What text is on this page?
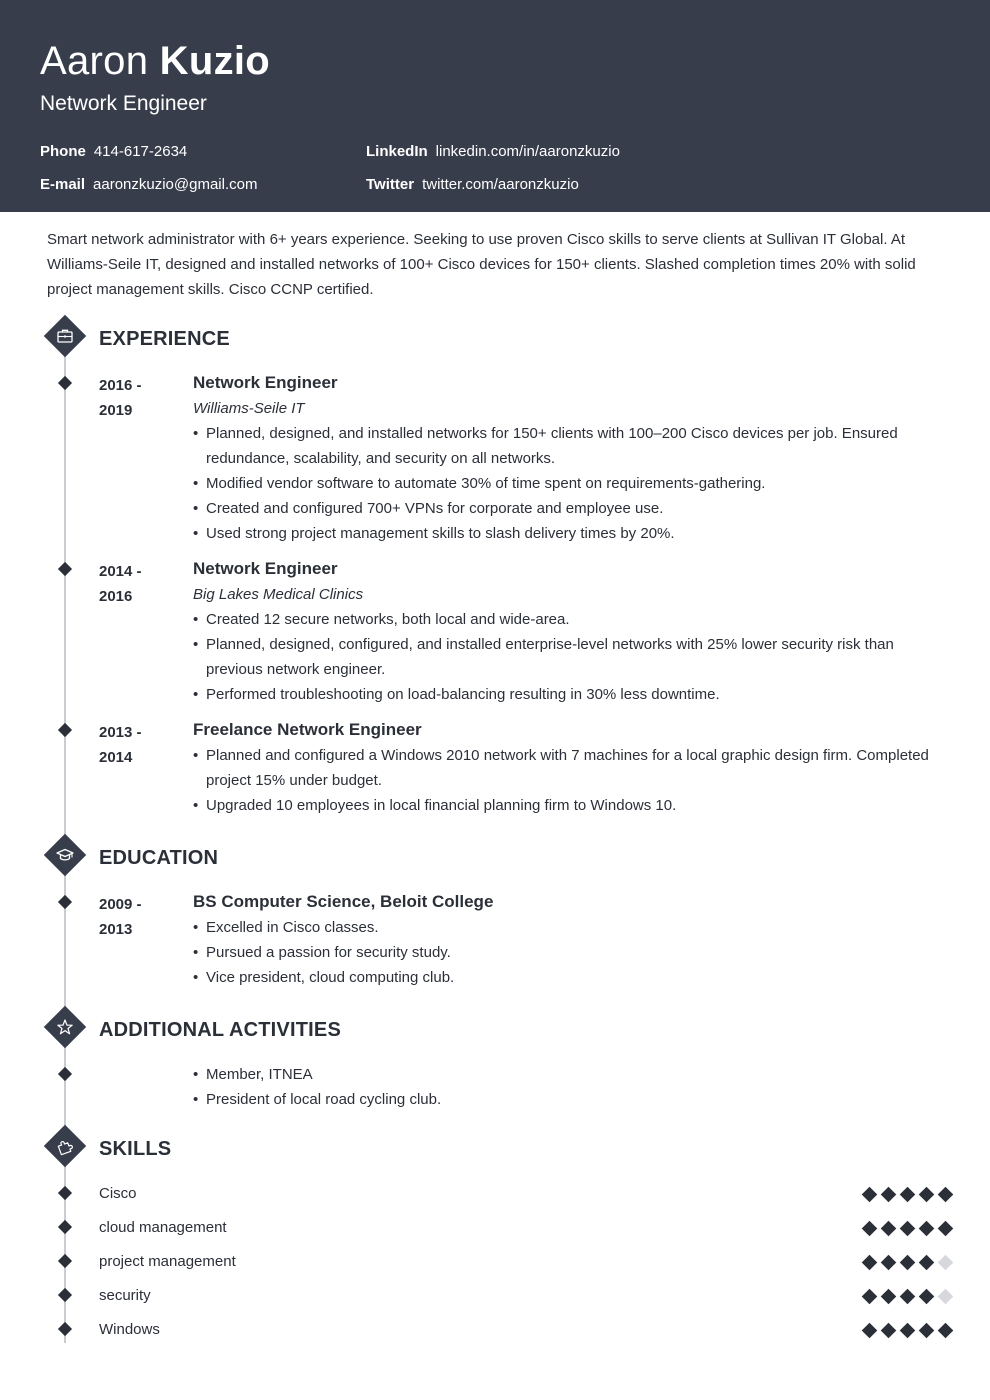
Aaron Kuzio
Network Engineer
Phone 414-617-2634
E-mail aaronzkuzio@gmail.com
LinkedIn linkedin.com/in/aaronzkuzio
Twitter twitter.com/aaronzkuzio
Smart network administrator with 6+ years experience. Seeking to use proven Cisco skills to serve clients at Sullivan IT Global. At Williams-Seile IT, designed and installed networks of 100+ Cisco devices for 150+ clients. Slashed completion times 20% with solid project management skills. Cisco CCNP certified.
EXPERIENCE
2016 -
2019
Network Engineer
Williams-Seile IT
• Planned, designed, and installed networks for 150+ clients with 100–200 Cisco devices per job. Ensured redundance, scalability, and security on all networks.
• Modified vendor software to automate 30% of time spent on requirements-gathering.
• Created and configured 700+ VPNs for corporate and employee use.
• Used strong project management skills to slash delivery times by 20%.
2014 -
2016
Network Engineer
Big Lakes Medical Clinics
• Created 12 secure networks, both local and wide-area.
• Planned, designed, configured, and installed enterprise-level networks with 25% lower security risk than previous network engineer.
• Performed troubleshooting on load-balancing resulting in 30% less downtime.
2013 -
2014
Freelance Network Engineer
• Planned and configured a Windows 2010 network with 7 machines for a local graphic design firm. Completed project 15% under budget.
• Upgraded 10 employees in local financial planning firm to Windows 10.
EDUCATION
2009 -
2013
BS Computer Science, Beloit College
• Excelled in Cisco classes.
• Pursued a passion for security study.
• Vice president, cloud computing club.
ADDITIONAL ACTIVITIES
• Member, ITNEA
• President of local road cycling club.
SKILLS
Cisco
cloud management
project management
security
Windows
